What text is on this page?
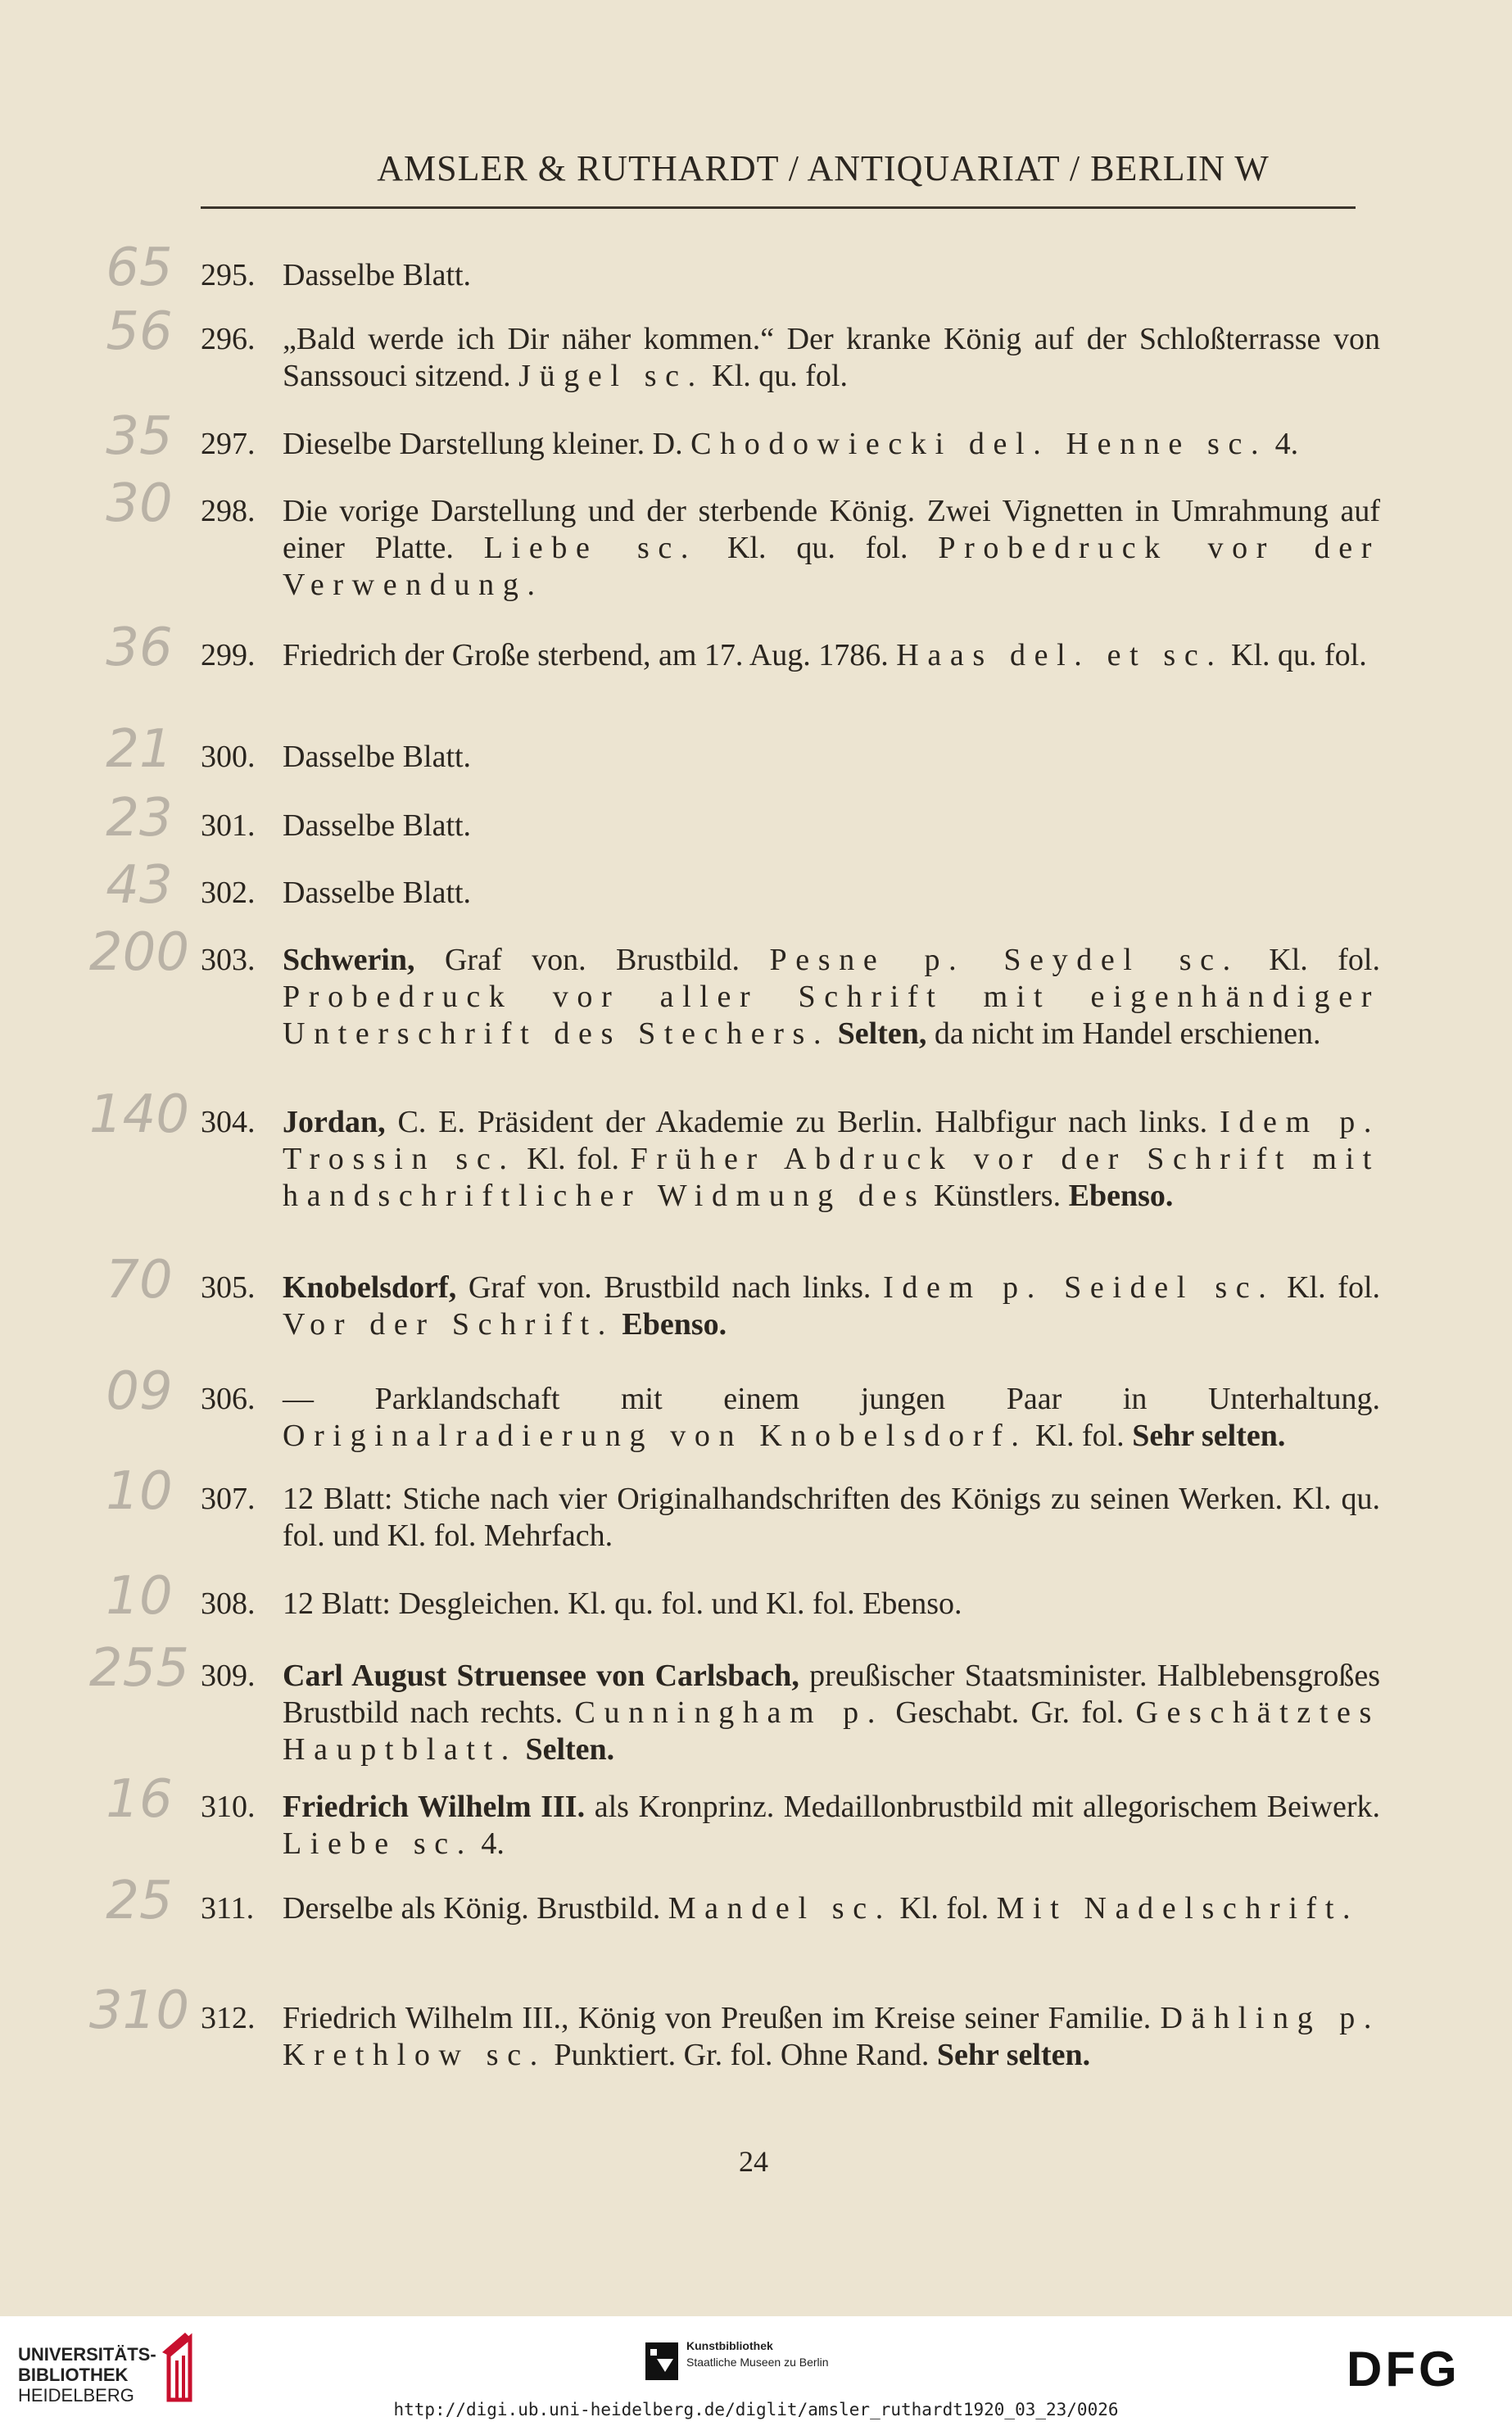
AMSLER & RUTHARDT / ANTIQUARIAT / BERLIN W
295. Dasselbe Blatt.
65
296. „Bald werde ich Dir näher kommen.“ Der kranke König auf der Schloßterrasse von Sanssouci sitzend. Jügel sc. Kl. qu. fol.
56
297. Dieselbe Darstellung kleiner. D. Chodowiecki del. Henne sc. 4.
35
298. Die vorige Darstellung und der sterbende König. Zwei Vignetten in Umrahmung auf einer Platte. Liebe sc. Kl. qu. fol. Probedruck vor der Verwendung.
30
299. Friedrich der Große sterbend, am 17. Aug. 1786. Haas del. et sc. Kl. qu. fol.
36
300. Dasselbe Blatt.
21
301. Dasselbe Blatt.
23
302. Dasselbe Blatt.
43
303. Schwerin, Graf von. Brustbild. Pesne p. Seydel sc. Kl. fol. Probedruck vor aller Schrift mit eigenhändiger Unterschrift des Stechers. Selten, da nicht im Handel erschienen.
200
304. Jordan, C. E. Präsident der Akademie zu Berlin. Halbfigur nach links. Idem p. Trossin sc. Kl. fol. Früher Abdruck vor der Schrift mit handschriftlicher Widmung des Künstlers. Ebenso.
140
305. Knobelsdorf, Graf von. Brustbild nach links. Idem p. Seidel sc. Kl. fol. Vor der Schrift. Ebenso.
70
306. — Parklandschaft mit einem jungen Paar in Unterhaltung. Originalradierung von Knobelsdorf. Kl. fol. Sehr selten.
09
307. 12 Blatt: Stiche nach vier Originalhandschriften des Königs zu seinen Werken. Kl. qu. fol. und Kl. fol. Mehrfach.
10
308. 12 Blatt: Desgleichen. Kl. qu. fol. und Kl. fol. Ebenso.
10
309. Carl August Struensee von Carlsbach, preußischer Staatsminister. Halblebensgroßes Brustbild nach rechts. Cunningham p. Geschabt. Gr. fol. Geschätztes Hauptblatt. Selten.
255
310. Friedrich Wilhelm III. als Kronprinz. Medaillonbrustbild mit allegorischem Beiwerk. Liebe sc. 4.
16
311. Derselbe als König. Brustbild. Mandel sc. Kl. fol. Mit Nadelschrift.
25
312. Friedrich Wilhelm III., König von Preußen im Kreise seiner Familie. Dähling p. Krethlow sc. Punktiert. Gr. fol. Ohne Rand. Sehr selten.
310
24
UNIVERSITÄTS-
BIBLIOTHEK
HEIDELBERG
Kunstbibliothek
Staatliche Museen zu Berlin	DFG
http://digi.ub.uni-heidelberg.de/diglit/amsler_ruthardt1920_03_23/0026
